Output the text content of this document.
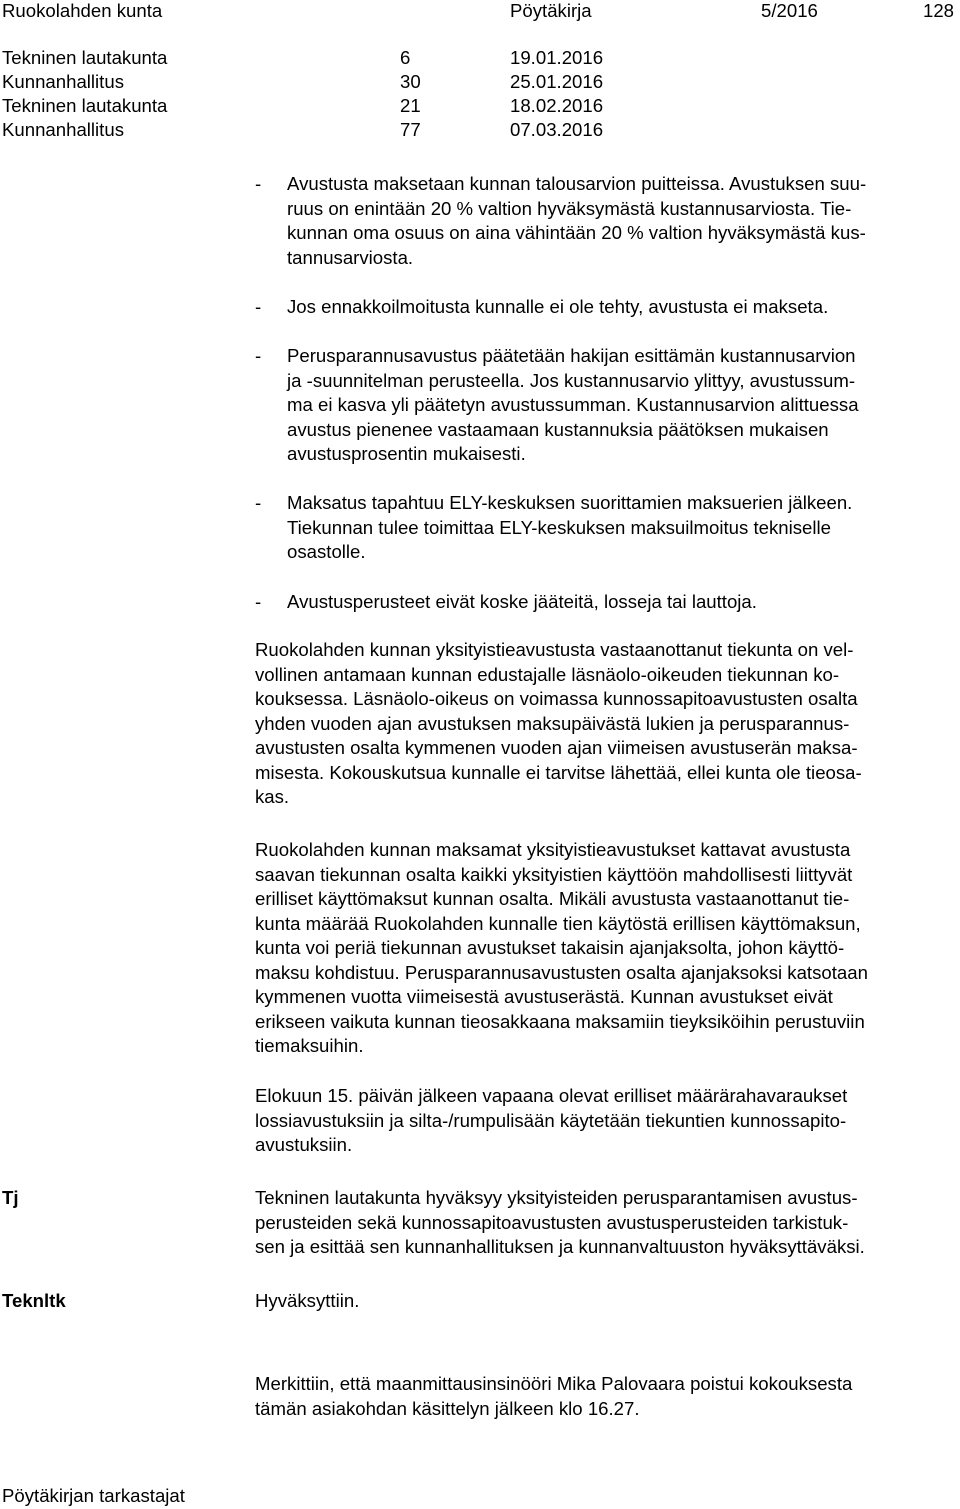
Ruokolahden kunta	Pöytäkirja	5/2016	128
Tekninen lautakunta	6	19.01.2016
Kunnanhallitus	30	25.01.2016
Tekninen lautakunta	21	18.02.2016
Kunnanhallitus	77	07.03.2016
-	Avustusta maksetaan kunnan talousarvion puitteissa. Avustuksen suu-
ruus on enintään 20 % valtion hyväksymästä kustannusarviosta. Tie-
kunnan oma osuus on aina vähintään 20 % valtion hyväksymästä kus-
tannusarviosta.
-	Jos ennakkoilmoitusta kunnalle ei ole tehty, avustusta ei makseta.
-	Perusparannusavustus päätetään hakijan esittämän kustannusarvion
ja -suunnitelman perusteella. Jos kustannusarvio ylittyy, avustussum-
ma ei kasva yli päätetyn avustussumman. Kustannusarvion alittuessa
avustus pienenee vastaamaan kustannuksia päätöksen mukaisen
avustusprosentin mukaisesti.
-	Maksatus tapahtuu ELY-keskuksen suorittamien maksuerien jälkeen.
Tiekunnan tulee toimittaa ELY-keskuksen maksuilmoitus tekniselle
osastolle.
-	Avustusperusteet eivät koske jääteitä, losseja tai lauttoja.
Ruokolahden kunnan yksityistieavustusta vastaanottanut tiekunta on vel-
vollinen antamaan kunnan edustajalle läsnäolo-oikeuden tiekunnan ko-
kouksessa. Läsnäolo-oikeus on voimassa kunnossapitoavustusten osalta
yhden vuoden ajan avustuksen maksupäivästä lukien ja perusparannus-
avustusten osalta kymmenen vuoden ajan viimeisen avustuserän maksa-
misesta. Kokouskutsua kunnalle ei tarvitse lähettää, ellei kunta ole tieosa-
kas.
Ruokolahden kunnan maksamat yksityistieavustukset kattavat avustusta
saavan tiekunnan osalta kaikki yksityistien käyttöön mahdollisesti liittyvät
erilliset käyttömaksut kunnan osalta. Mikäli avustusta vastaanottanut tie-
kunta määrää Ruokolahden kunnalle tien käytöstä erillisen käyttömaksun,
kunta voi periä tiekunnan avustukset takaisin ajanjaksolta, johon käyttö-
maksu kohdistuu. Perusparannusavustusten osalta ajanjaksoksi katsotaan
kymmenen vuotta viimeisestä avustuserästä. Kunnan avustukset eivät
erikseen vaikuta kunnan tieosakkaana maksamiin tieyksiköihin perustuviin
tiemaksuihin.
Elokuun 15. päivän jälkeen vapaana olevat erilliset määrärahavaraukset
lossiavustuksiin ja silta-/rumpulisään käytetään tiekuntien kunnossapito-
avustuksiin.
Tj	Tekninen lautakunta hyväksyy yksityisteiden perusparantamisen avustus-
perusteiden sekä kunnossapitoavustusten avustusperusteiden tarkistuk-
sen ja esittää sen kunnanhallituksen ja kunnanvaltuuston hyväksyttäväksi.
Teknltk	Hyväksyttiin.
Merkittiin, että maanmittausinsinööri Mika Palovaara poistui kokouksesta
tämän asiakohdan käsittelyn jälkeen klo 16.27.
Pöytäkirjan tarkastajat
